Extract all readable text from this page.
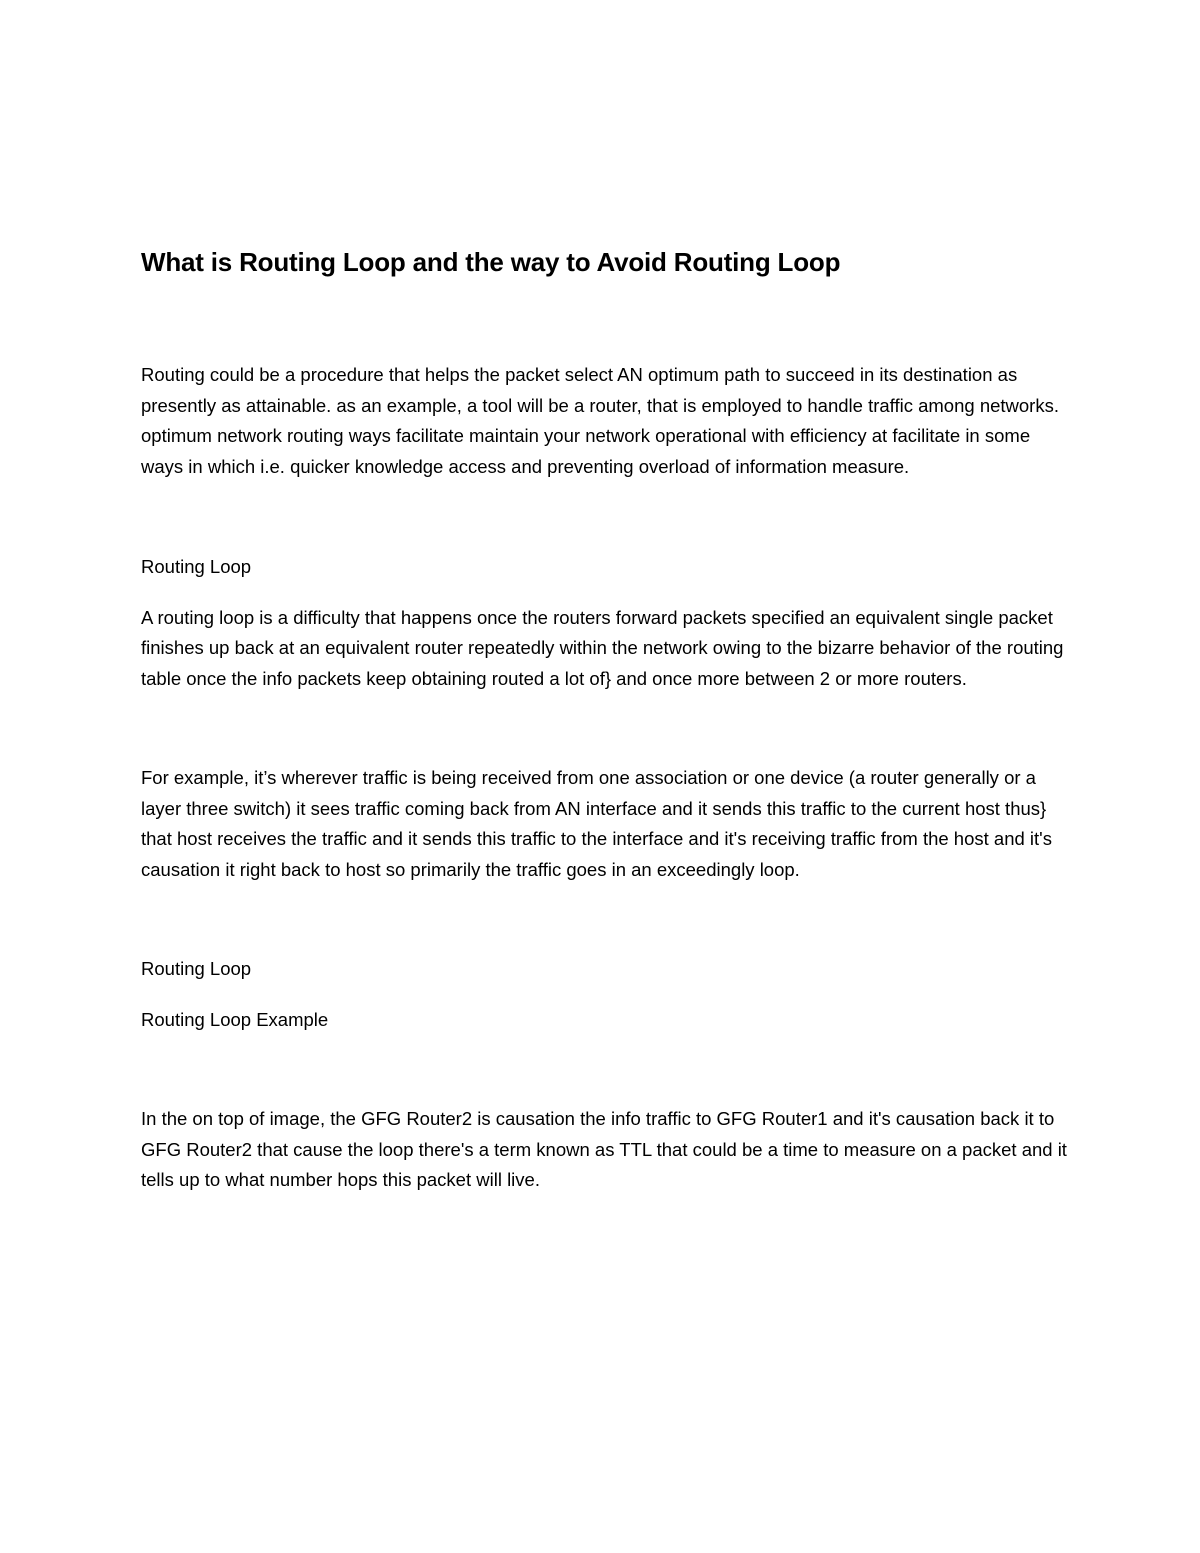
What is Routing Loop and the way to Avoid Routing Loop

Routing could be a procedure that helps the packet select AN optimum path to succeed in its destination as presently as attainable. as an example, a tool will be a router, that is employed to handle traffic among networks. optimum network routing ways facilitate maintain your network operational with efficiency at facilitate in some ways in which i.e. quicker knowledge access and preventing overload of information measure.

Routing Loop

A routing loop is a difficulty that happens once the routers forward packets specified an equivalent single packet finishes up back at an equivalent router repeatedly within the network owing to the bizarre behavior of the routing table once the info packets keep obtaining routed a lot of} and once more between 2 or more routers.

For example, it’s wherever traffic is being received from one association or one device (a router generally or a layer three switch) it sees traffic coming back from AN interface and it sends this traffic to the current host thus} that host receives the traffic and it sends this traffic to the interface and it's receiving traffic from the host and it's causation it right back to host so primarily the traffic goes in an exceedingly loop.

Routing Loop

Routing Loop Example

In the on top of image, the GFG Router2 is causation the info traffic to GFG Router1 and it's causation back it to GFG Router2 that cause the loop there's a term known as TTL that could be a time to measure on a packet and it tells up to what number hops this packet will live.
